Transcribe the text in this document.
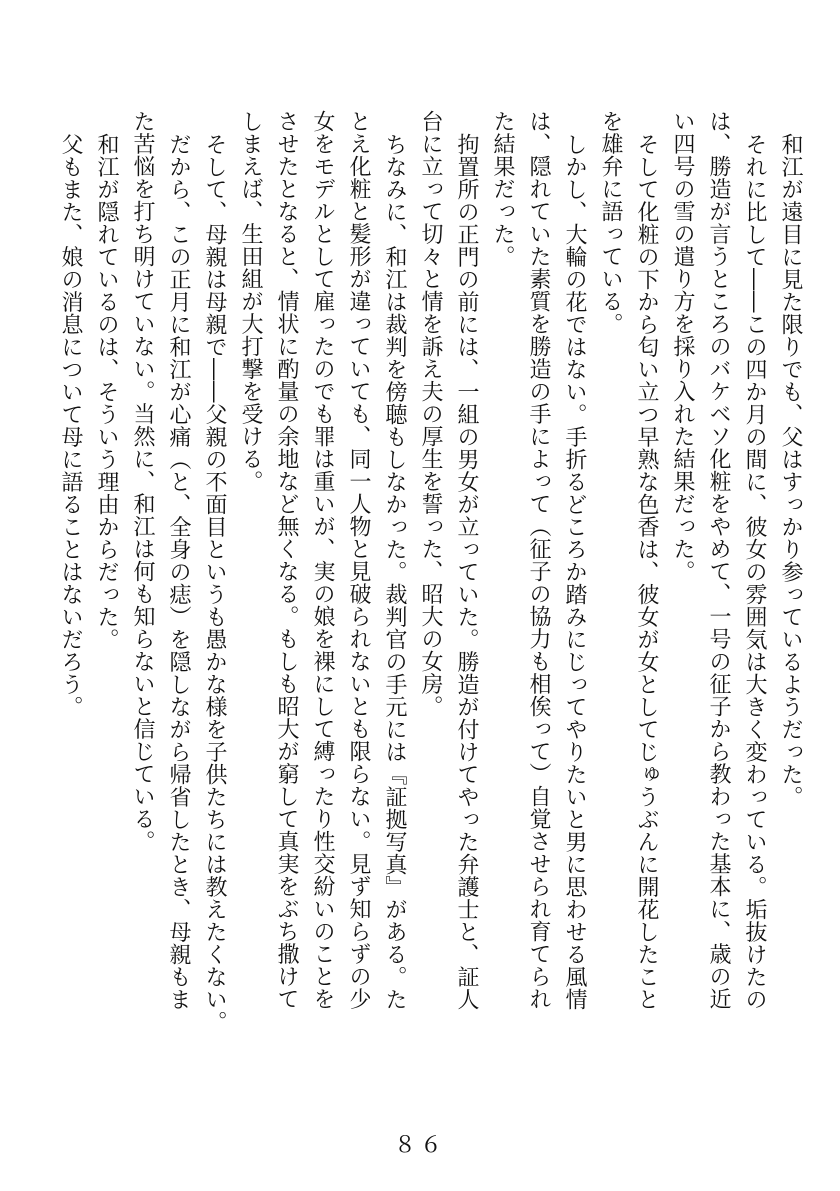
和江が遠目に見た限りでも、父はすっかり参っているようだった。
それに比して――この四か月の間に、彼女の雰囲気は大きく変わっている。垢抜けたの
は、勝造が言うところのバケベソ化粧をやめて、一号の征子から教わった基本に、歳の近
い四号の雪の遣り方を採り入れた結果だった。
そして化粧の下から匂い立つ早熟な色香は、彼女が女としてじゅうぶんに開花したこと
を雄弁に語っている。
しかし、大輪の花ではない。手折るどころか踏みにじってやりたいと男に思わせる風情
は、隠れていた素質を勝造の手によって（征子の協力も相俟って）自覚させられ育てられ
た結果だった。
拘置所の正門の前には、一組の男女が立っていた。勝造が付けてやった弁護士と、証人
台に立って切々と情を訴え夫の厚生を誓った、昭大の女房。
ちなみに、和江は裁判を傍聴もしなかった。裁判官の手元には『証拠写真』がある。た
とえ化粧と髪形が違っていても、同一人物と見破られないとも限らない。見ず知らずの少
女をモデルとして雇ったのでも罪は重いが、実の娘を裸にして縛ったり性交紛いのことを
させたとなると、情状に酌量の余地など無くなる。もしも昭大が窮して真実をぶち撒けて
しまえば、生田組が大打撃を受ける。
そして、母親は母親で――父親の不面目というも愚かな様を子供たちには教えたくない。
だから、この正月に和江が心痛（と、全身の痣）を隠しながら帰省したとき、母親もま
た苦悩を打ち明けていない。当然に、和江は何も知らないと信じている。
和江が隠れているのは、そういう理由からだった。
父もまた、娘の消息について母に語ることはないだろう。
８６
